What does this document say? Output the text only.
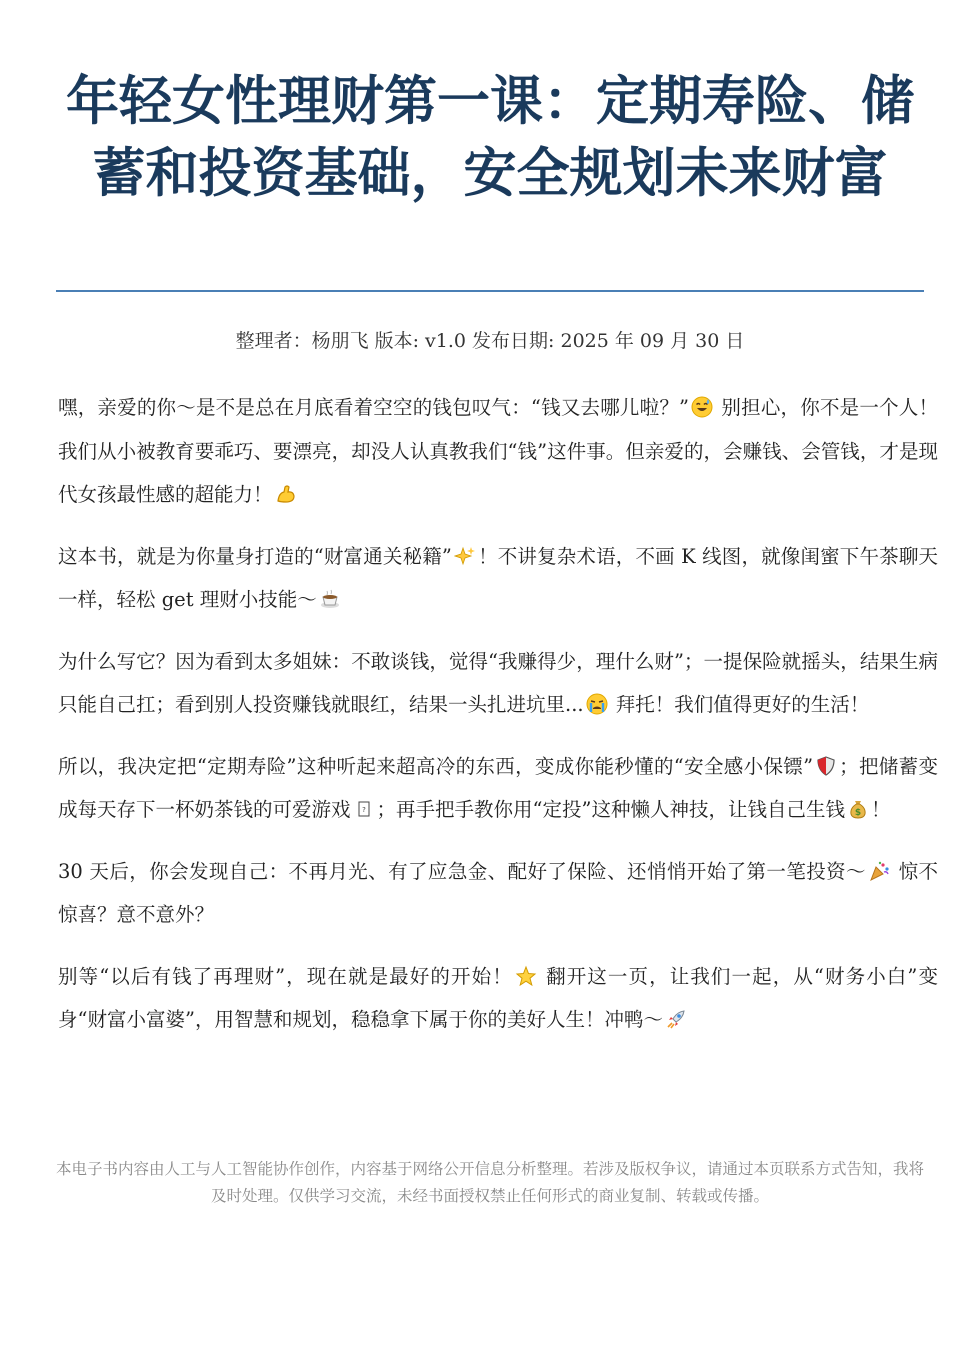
年轻女性理财第一课：定期寿险、储蓄和投资基础，安全规划未来财富
整理者：杨朋飞 版本: v1.0 发布日期: 2025 年 09 月 30 日

嘿，亲爱的你～是不是总在月底看着空空的钱包叹气：“钱又去哪儿啦？”
别担心，你不是一个人！我们从小被教育要乖巧、要漂亮，却没人认真教我们“钱”这件事。但亲爱的，会赚钱、会管钱，才是现代女孩最性感的超能力！

这本书，就是为你量身打造的“财富通关秘籍” ！不讲复杂术语，不画 K 线图，就像闺蜜下午茶聊天一样，轻松 get 理财小技能～

为什么写它？因为看到太多姐妹：不敢谈钱，觉得“我赚得少，理什么财”；一提保险就摇头，结果生病只能自己扛；看到别人投资赚钱就眼红，结果一头扎进坑里...
拜托！我们值得更好的生活！

所以，我决定把“定期寿险”这种听起来超高冷的东西，变成你能秒懂的“安全感小保镖” ；把储蓄变成每天存下一杯奶茶钱的可爱游戏 ? ；再手把手教你用“定投”这种懒人神技，让钱自己生钱 $ ！

30 天后，你会发现自己：不再月光、有了应急金、配好了保险、还悄悄开始了第一笔投资～
惊不惊喜？意不意外？

别等“以后有钱了再理财”，现在就是最好的开始！
翻开这一页，让我们一起，从“财务小白”变身“财富小富婆”，用智慧和规划，稳稳拿下属于你的美好人生！冲鸭～

本电子书内容由人工与人工智能协作创作，内容基于网络公开信息分析整理。若涉及版权争议，请通过本页联系方式告知，我将及时处理。仅供学习交流，未经书面授权禁止任何形式的商业复制、转载或传播。
